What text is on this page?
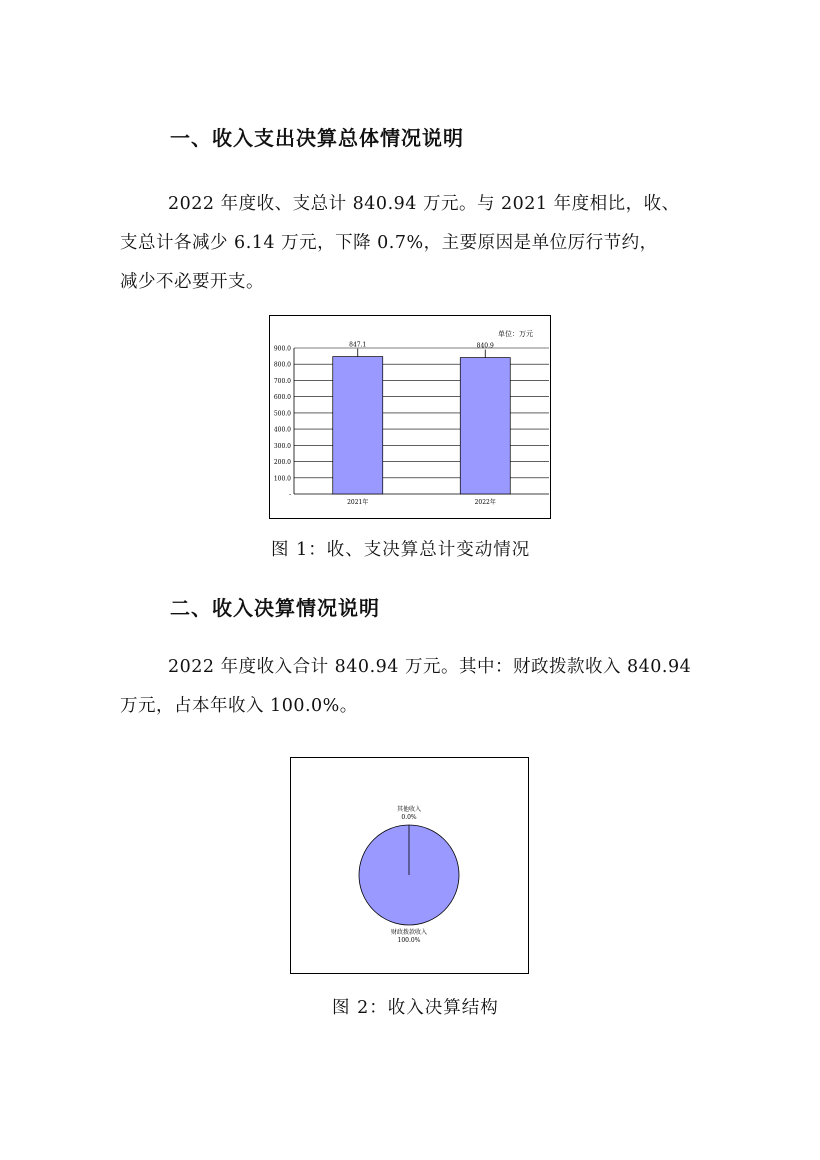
一、收入支出决算总体情况说明
2022 年度收、支总计 840.94 万元。与 2021 年度相比，收、
支总计各减少 6.14 万元，下降 0.7%，主要原因是单位厉行节约，
减少不必要开支。
单位：万元
-
100.0
200.0
300.0
400.0
500.0
600.0
700.0
800.0
900.0
847.1	840.9
2021年	2022年
图 1：收、支决算总计变动情况
二、收入决算情况说明
2022 年度收入合计 840.94 万元。其中：财政拨款收入 840.94
万元，占本年收入 100.0%。
其他收入
0.0%
财政拨款收入
100.0%
图 2：收入决算结构
